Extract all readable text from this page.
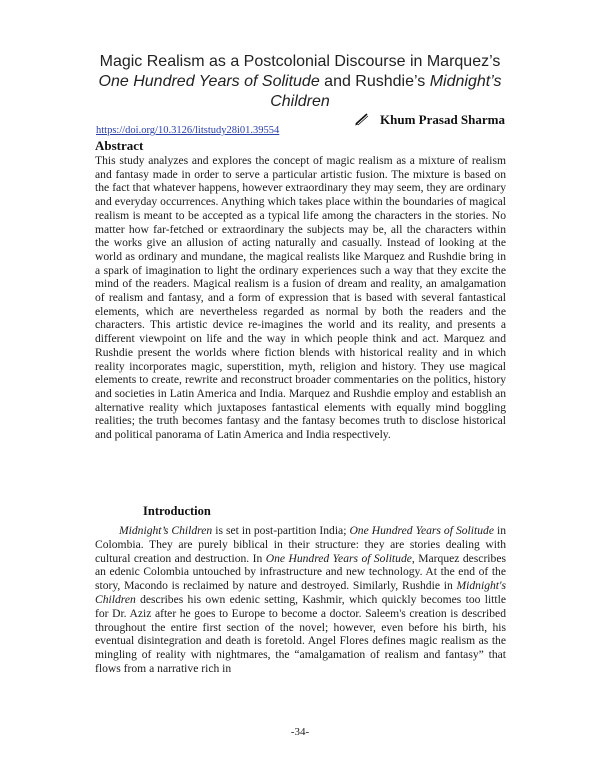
Magic Realism as a Postcolonial Discourse in Marquez’s
One Hundred Years of Solitude and Rushdie’s Midnight’s
Children
Khum Prasad Sharma
https://doi.org/10.3126/litstudy28i01.39554
Abstract
This study analyzes and explores the concept of magic realism as a mixture of realism and fantasy made in order to serve a particular artistic fusion. The mixture is based on the fact that whatever happens, however extraordinary they may seem, they are ordinary and everyday occurrences. Anything which takes place within the boundaries of magical realism is meant to be accepted as a typical life among the characters in the stories. No matter how far-fetched or extraordinary the subjects may be, all the characters within the works give an allusion of acting naturally and casually. Instead of looking at the world as ordinary and mundane, the magical realists like Marquez and Rushdie bring in a spark of imagination to light the ordinary experiences such a way that they excite the mind of the readers. Magical realism is a fusion of dream and reality, an amalgamation of realism and fantasy, and a form of expression that is based with several fantastical elements, which are nevertheless regarded as normal by both the readers and the characters. This artistic device re-imagines the world and its reality, and presents a different viewpoint on life and the way in which people think and act. Marquez and Rushdie present the worlds where fiction blends with historical reality and in which reality incorporates magic, superstition, myth, religion and history. They use magical elements to create, rewrite and reconstruct broader commentaries on the politics, history and societies in Latin America and India. Marquez and Rushdie employ and establish an alternative reality which juxtaposes fantastical elements with equally mind boggling realities; the truth becomes fantasy and the fantasy becomes truth to disclose historical and political panorama of Latin America and India respectively.
Introduction

Midnight’s Children is set in post-partition India; One Hundred Years of Solitude in Colombia. They are purely biblical in their structure: they are stories dealing with cultural creation and destruction. In One Hundred Years of Solitude, Marquez describes an edenic Colombia untouched by infrastructure and new technology. At the end of the story, Macondo is reclaimed by nature and destroyed. Similarly, Rushdie in Midnight's Children describes his own edenic setting, Kashmir, which quickly becomes too little for Dr. Aziz after he goes to Europe to become a doctor. Saleem's creation is described throughout the entire first section of the novel; however, even before his birth, his eventual disintegration and death is foretold. Angel Flores defines magic realism as the mingling of reality with nightmares, the “amalgamation of realism and fantasy” that flows from a narrative rich in

-34-
